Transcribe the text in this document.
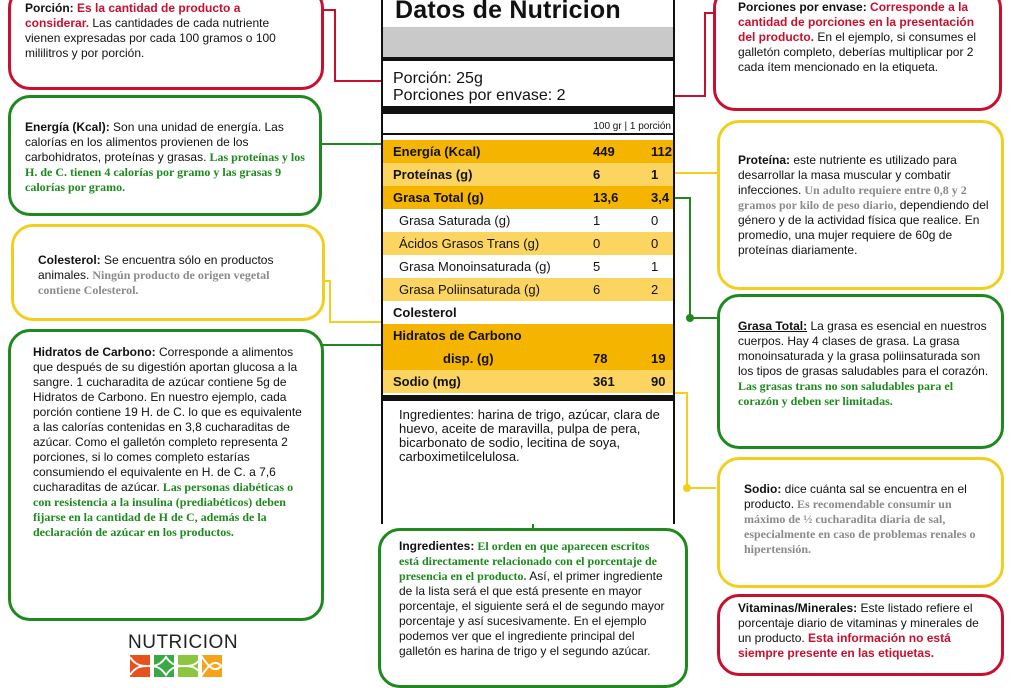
Datos de Nutricion
Porción: 25g
Porciones por envase: 2
100 gr | 1 porción
Energía (Kcal)	449	112
Proteínas (g)	6	1
Grasa Total (g)	13,6	3,4
Grasa Saturada (g)	1	0
Ácidos Grasos Trans (g)	0	0
Grasa Monoinsaturada (g)	5	1
Grasa Poliinsaturada (g)	6	2
Colesterol
Hidratos de Carbono
disp. (g)	78	19
Sodio (mg)	361	90
Ingredientes: harina de trigo, azúcar, clara de huevo, aceite de maravilla, pulpa de pera, bicarbonato de sodio, lecitina de soya, carboximetilcelulosa.
Porción: Es la cantidad de producto a considerar. Las cantidades de cada nutriente vienen expresadas por cada 100 gramos o 100 mililitros y por porción.
Energía (Kcal): Son una unidad de energía. Las calorías en los alimentos provienen de los carbohidratos, proteínas y grasas. Las proteínas y los H. de C. tienen 4 calorías por gramo y las grasas 9 calorías por gramo.
Colesterol: Se encuentra sólo en productos animales. Ningún producto de origen vegetal contiene Colesterol.
Hidratos de Carbono: Corresponde a alimentos que después de su digestión aportan glucosa a la sangre. 1 cucharadita de azúcar contiene 5g de Hidratos de Carbono. En nuestro ejemplo, cada porción contiene 19 H. de C. lo que es equivalente a las calorías contenidas en 3,8 cucharaditas de azúcar. Como el galletón completo representa 2 porciones, si lo comes completo estarías consumiendo el equivalente en H. de C. a 7,6 cucharaditas de azúcar. Las personas diabéticas o con resistencia a la insulina (prediabéticos) deben fijarse en la cantidad de H de C, además de la declaración de azúcar en los productos.
Ingredientes: El orden en que aparecen escritos está directamente relacionado con el porcentaje de presencia en el producto. Así, el primer ingrediente de la lista será el que está presente en mayor porcentaje, el siguiente será el de segundo mayor porcentaje y así sucesivamente. En el ejemplo podemos ver que el ingrediente principal del galletón es harina de trigo y el segundo azúcar.
Porciones por envase: Corresponde a la cantidad de porciones en la presentación del producto. En el ejemplo, si consumes el galletón completo, deberías multiplicar por 2 cada ítem mencionado en la etiqueta.
Proteína: este nutriente es utilizado para desarrollar la masa muscular y combatir infecciones. Un adulto requiere entre 0,8 y 2 gramos por kilo de peso diario, dependiendo del género y de la actividad física que realice. En promedio, una mujer requiere de 60g de proteínas diariamente.
Grasa Total: La grasa es esencial en nuestros cuerpos. Hay 4 clases de grasa. La grasa monoinsaturada y la grasa poliinsaturada son los tipos de grasas saludables para el corazón. Las grasas trans no son saludables para el corazón y deben ser limitadas.
Sodio: dice cuánta sal se encuentra en el producto. Es recomendable consumir un máximo de ½ cucharadita diaria de sal, especialmente en caso de problemas renales o hipertensión.
Vitaminas/Minerales: Este listado refiere el porcentaje diario de vitaminas y minerales de un producto. Esta información no está siempre presente en las etiquetas.
NUTRICION
